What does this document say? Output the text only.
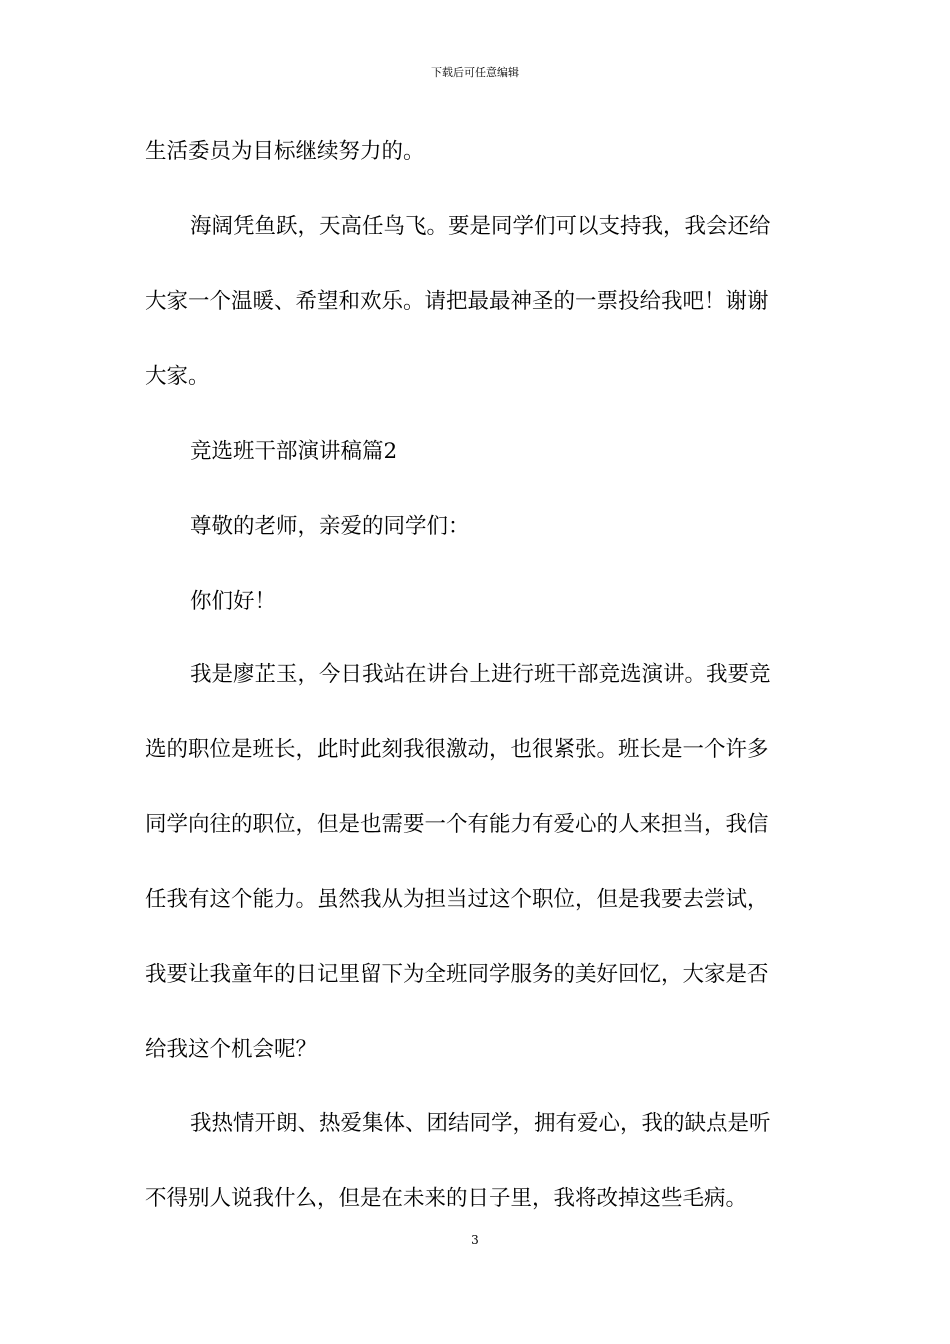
下载后可任意编辑
生活委员为目标继续努力的。
海阔凭鱼跃，天高任鸟飞。要是同学们可以支持我，我会还给
大家一个温暖、希望和欢乐。请把最最神圣的一票投给我吧！谢谢
大家。
竞选班干部演讲稿篇2
尊敬的老师，亲爱的同学们：
你们好！
我是廖芷玉，今日我站在讲台上进行班干部竞选演讲。我要竞
选的职位是班长，此时此刻我很激动，也很紧张。班长是一个许多
同学向往的职位，但是也需要一个有能力有爱心的人来担当，我信
任我有这个能力。虽然我从为担当过这个职位，但是我要去尝试，
我要让我童年的日记里留下为全班同学服务的美好回忆，大家是否
给我这个机会呢？
我热情开朗、热爱集体、团结同学，拥有爱心，我的缺点是听
不得别人说我什么，但是在未来的日子里，我将改掉这些毛病。
3
